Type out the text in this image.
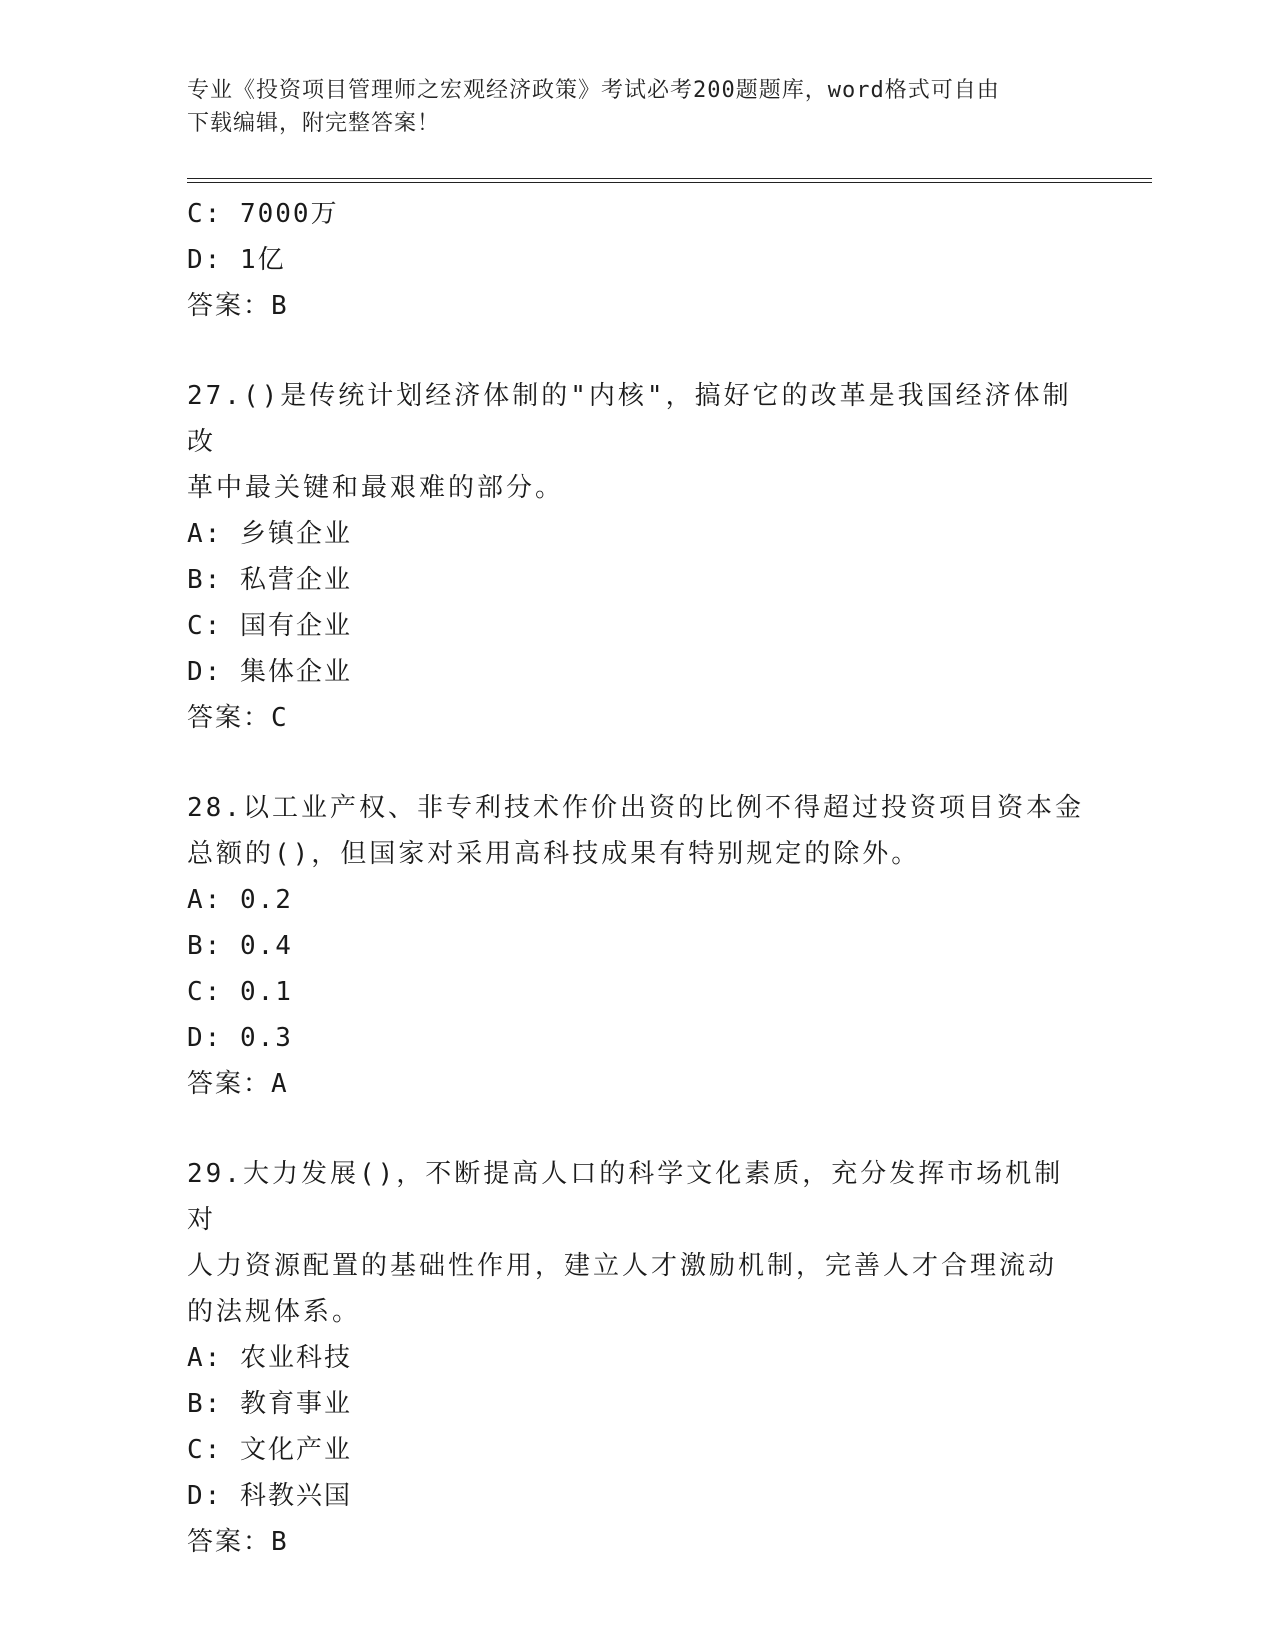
专业《投资项目管理师之宏观经济政策》考试必考200题题库，word格式可自由
下载编辑，附完整答案！
C: 7000万
D: 1亿
答案：B
27.()是传统计划经济体制的"内核"，搞好它的改革是我国经济体制改
革中最关键和最艰难的部分。
A: 乡镇企业
B: 私营企业
C: 国有企业
D: 集体企业
答案：C
28.以工业产权、非专利技术作价出资的比例不得超过投资项目资本金
总额的()，但国家对采用高科技成果有特别规定的除外。
A: 0.2
B: 0.4
C: 0.1
D: 0.3
答案：A
29.大力发展()，不断提高人口的科学文化素质，充分发挥市场机制对
人力资源配置的基础性作用，建立人才激励机制，完善人才合理流动
的法规体系。
A: 农业科技
B: 教育事业
C: 文化产业
D: 科教兴国
答案：B
